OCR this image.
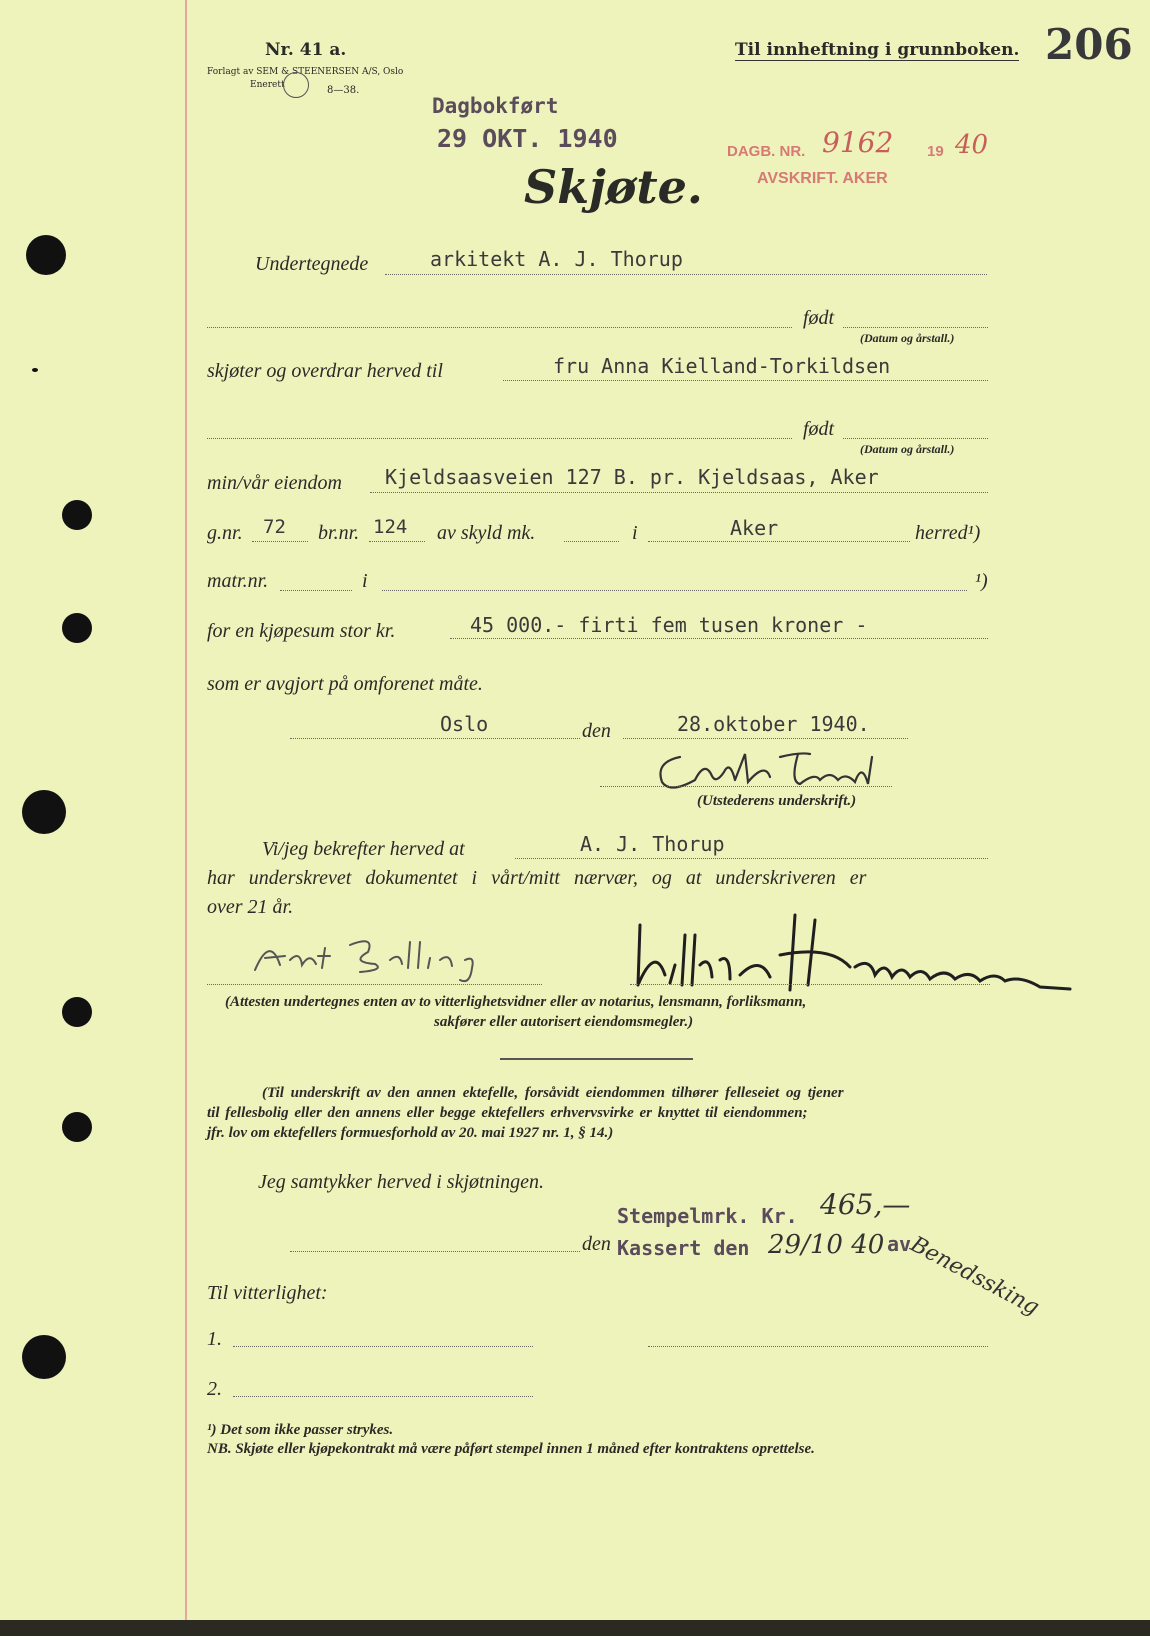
Nr. 41 a.
Forlagt av SEM & STEENERSEN A/S, Oslo
Enerett	8—38.
Til innheftning i grunnboken. 206
Dagbokført
29 OKT. 1940	DAGB. NR. 9162 19 40
AVSKRIFT. AKER
Skjøte.
Undertegnede	arkitekt A. J. Thorup
født
(Datum og årstall.)
skjøter og overdrar herved til	fru Anna Kielland-Torkildsen
født
(Datum og årstall.)
min/vår eiendom Kjeldsaasveien 127 B. pr. Kjeldsaas, Aker
g.nr. 72 br.nr. 124 av skyld mk.	i	Aker	herred¹)
matr.nr.	i	¹)
for en kjøpesum stor kr.	45 000.- firti fem tusen kroner -
som er avgjort på omforenet måte.
Oslo	den	28.oktober 1940.
(Utstederens underskrift.)
Vi/jeg bekrefter herved at	A. J. Thorup
har underskrevet dokumentet i vårt/mitt nærvær, og at underskriveren er
over 21 år.
(Attesten undertegnes enten av to vitterlighetsvidner eller av notarius, lensmann, forliksmann,
sakfører eller autorisert eiendomsmegler.)
(Til underskrift av den annen ektefelle, forsåvidt eiendommen tilhører felleseiet og tjener
til fellesbolig eller den annens eller begge ektefellers erhvervsvirke er knyttet til eiendommen;
jfr. lov om ektefellers formuesforhold av 20. mai 1927 nr. 1, § 14.)
Jeg samtykker herved i skjøtningen.
Stempelmrk. Kr. 465,—
den Kassert den 29/10 40 av
Benedssking
Til vitterlighet:
1.
2.
¹) Det som ikke passer strykes.
NB. Skjøte eller kjøpekontrakt må være påført stempel innen 1 måned efter kontraktens oprettelse.
